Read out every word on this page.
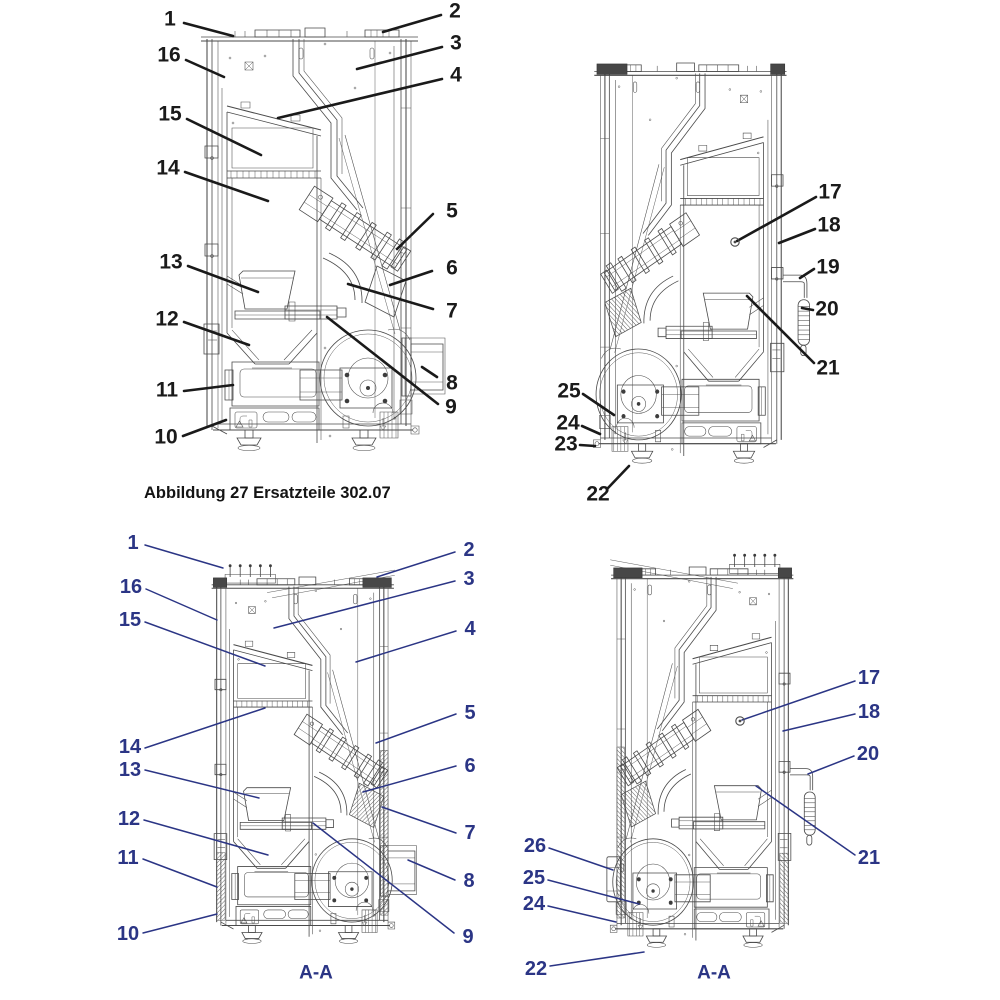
1	2
3
4
5
6
7
8
9
10
11
12
13
14
15
16
17
18
19
20
21
22
23
24
25
1	2
3
4
5
6
7
8
9
10
11
12
13
14
15
16
A-A
17
18
20
21
22
24
25
26
A-A
Abbildung 27 Ersatzteile 302.07
